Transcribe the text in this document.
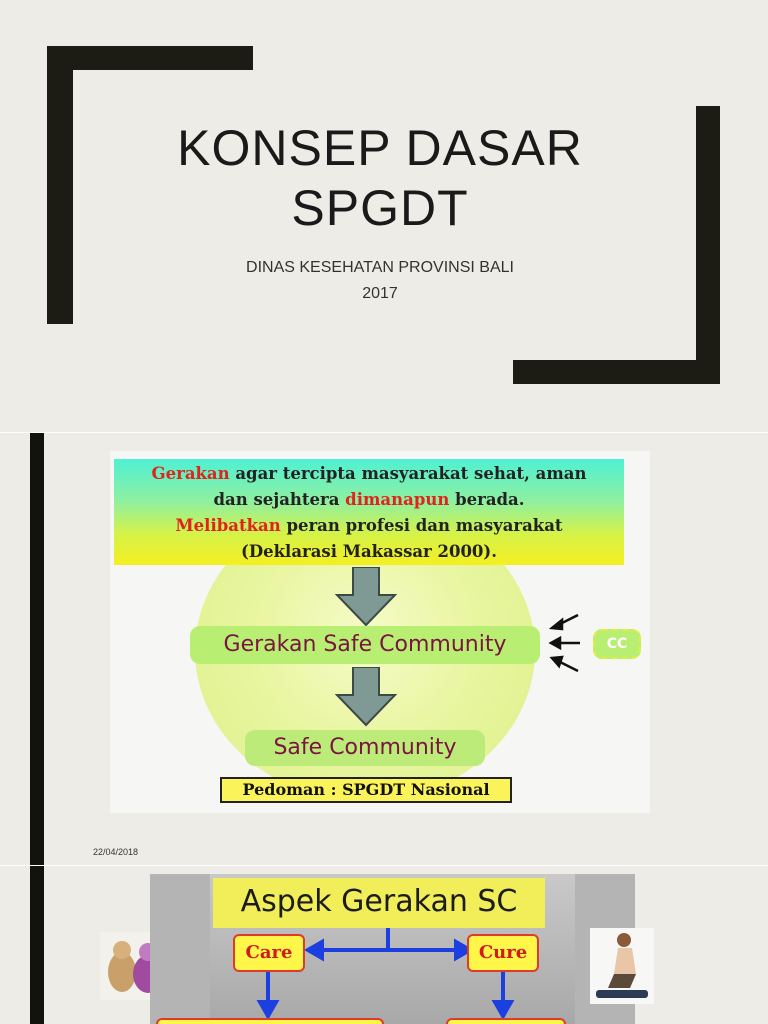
KONSEP DASAR
SPGDT
DINAS KESEHATAN PROVINSI BALI
2017
Gerakan agar tercipta masyarakat sehat, aman
dan sejahtera dimanapun berada.
Melibatkan peran profesi dan masyarakat
(Deklarasi Makassar 2000).
Gerakan Safe Community
Safe Community
Pedoman : SPGDT Nasional
CC
22/04/2018
Aspek Gerakan SC
Care	Cure
